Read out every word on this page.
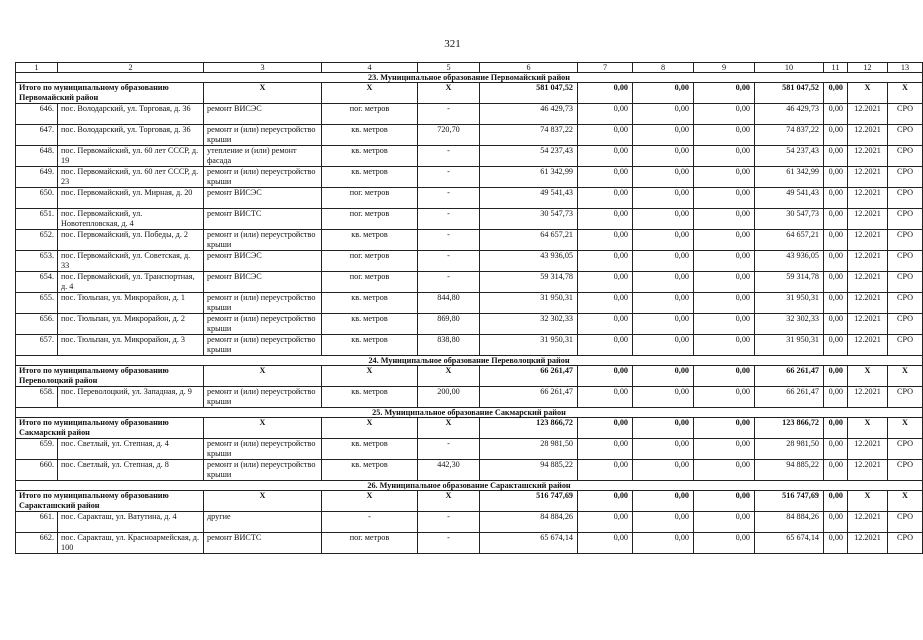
321
1	2	3	4	5	6	7	8	9	10	11	12	13
23. Муниципальное образование Первомайский район												
Итого по муниципальному образованию Первомайский район		X	X	X	581 047,52	0,00	0,00	0,00	581 047,52	0,00	X	X
646.	пос. Володарский, ул. Торговая, д. 36	ремонт ВИСЭС	пог. метров	-	46 429,73	0,00	0,00	0,00	46 429,73	0,00	12.2021	СРО
647.	пос. Володарский, ул. Торговая, д. 36	ремонт и (или) переустройство крыши	кв. метров	720,70	74 837,22	0,00	0,00	0,00	74 837,22	0,00	12.2021	СРО
648.	пос. Первомайский, ул. 60 лет СССР, д. 19	утепление и (или) ремонт фасада	кв. метров	-	54 237,43	0,00	0,00	0,00	54 237,43	0,00	12.2021	СРО
649.	пос. Первомайский, ул. 60 лет СССР, д. 23	ремонт и (или) переустройство крыши	кв. метров	-	61 342,99	0,00	0,00	0,00	61 342,99	0,00	12.2021	СРО
650.	пос. Первомайский, ул. Мирная, д. 20	ремонт ВИСЭС	пог. метров	-	49 541,43	0,00	0,00	0,00	49 541,43	0,00	12.2021	СРО
651.	пос. Первомайский, ул. Новотепловская, д. 4	ремонт ВИСТС	пог. метров	-	30 547,73	0,00	0,00	0,00	30 547,73	0,00	12.2021	СРО
652.	пос. Первомайский, ул. Победы, д. 2	ремонт и (или) переустройство крыши	кв. метров	-	64 657,21	0,00	0,00	0,00	64 657,21	0,00	12.2021	СРО
653.	пос. Первомайский, ул. Советская, д. 33	ремонт ВИСЭС	пог. метров	-	43 936,05	0,00	0,00	0,00	43 936,05	0,00	12.2021	СРО
654.	пос. Первомайский, ул. Транспортная, д. 4	ремонт ВИСЭС	пог. метров	-	59 314,78	0,00	0,00	0,00	59 314,78	0,00	12.2021	СРО
655.	пос. Тюльпан, ул. Микрорайон, д. 1	ремонт и (или) переустройство крыши	кв. метров	844,80	31 950,31	0,00	0,00	0,00	31 950,31	0,00	12.2021	СРО
656.	пос. Тюльпан, ул. Микрорайон, д. 2	ремонт и (или) переустройство крыши	кв. метров	869,80	32 302,33	0,00	0,00	0,00	32 302,33	0,00	12.2021	СРО
657.	пос. Тюльпан, ул. Микрорайон, д. 3	ремонт и (или) переустройство крыши	кв. метров	838,80	31 950,31	0,00	0,00	0,00	31 950,31	0,00	12.2021	СРО
24. Муниципальное образование Переволоцкий район												
Итого по муниципальному образованию Переволоцкий район		X	X	X	66 261,47	0,00	0,00	0,00	66 261,47	0,00	X	X
658.	пос. Переволоцкий, ул. Западная, д. 9	ремонт и (или) переустройство крыши	кв. метров	200,00	66 261,47	0,00	0,00	0,00	66 261,47	0,00	12.2021	СРО
25. Муниципальное образование Сакмарский район												
Итого по муниципальному образованию Сакмарский район		X	X	X	123 866,72	0,00	0,00	0,00	123 866,72	0,00	X	X
659.	пос. Светлый, ул. Степная, д. 4	ремонт и (или) переустройство крыши	кв. метров	-	28 981,50	0,00	0,00	0,00	28 981,50	0,00	12.2021	СРО
660.	пос. Светлый, ул. Степная, д. 8	ремонт и (или) переустройство крыши	кв. метров	442,30	94 885,22	0,00	0,00	0,00	94 885,22	0,00	12.2021	СРО
26. Муниципальное образование Саракташский район												
Итого по муниципальному образованию Саракташский район		X	X	X	516 747,69	0,00	0,00	0,00	516 747,69	0,00	X	X
661.	пос. Саракташ, ул. Ватутина, д. 4	другие	-	-	84 884,26	0,00	0,00	0,00	84 884,26	0,00	12.2021	СРО
662.	пос. Саракташ, ул. Красноармейская, д. 100	ремонт ВИСТС	пог. метров	-	65 674,14	0,00	0,00	0,00	65 674,14	0,00	12.2021	СРО
